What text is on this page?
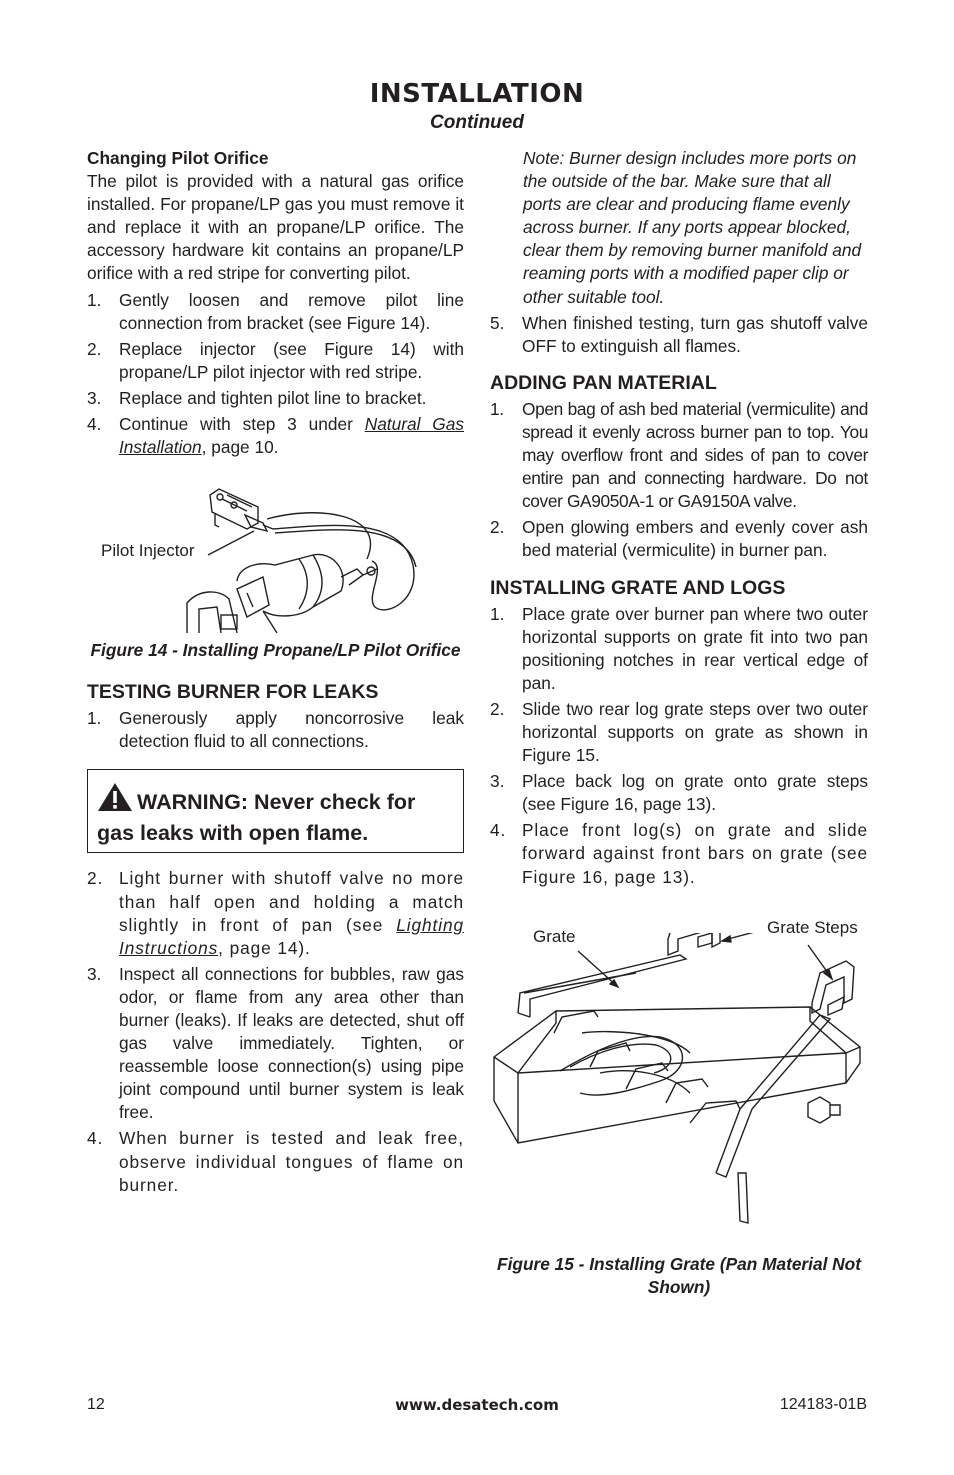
INSTALLATION
Continued
Changing Pilot Orifice

The pilot is provided with a natural gas orifice installed. For propane/LP gas you must remove it and replace it with an propane/LP orifice. The accessory hardware kit contains an propane/LP orifice with a red stripe for converting pilot.

1. Gently loosen and remove pilot line connection from bracket (see Figure 14).
2. Replace injector (see Figure 14) with propane/LP pilot injector with red stripe.
3. Replace and tighten pilot line to bracket.
4. Continue with step 3 under Natural Gas Installation, page 10.
Pilot Injector
Figure 14 - Installing Propane/LP Pilot Orifice
TESTING BURNER FOR LEAKS
1. Generously apply noncorrosive leak detection fluid to all connections.
WARNING: Never check for gas leaks with open flame.
2. Light burner with shutoff valve no more than half open and holding a match slightly in front of pan (see Lighting Instructions, page 14).
3. Inspect all connections for bubbles, raw gas odor, or flame from any area other than burner (leaks). If leaks are detected, shut off gas valve immediately. Tighten, or reassemble loose connection(s) using pipe joint compound until burner system is leak free.
4. When burner is tested and leak free, observe individual tongues of flame on burner.

Note: Burner design includes more ports on the outside of the bar. Make sure that all ports are clear and producing flame evenly across burner. If any ports appear blocked, clear them by removing burner manifold and reaming ports with a modified paper clip or other suitable tool.

5. When finished testing, turn gas shutoff valve OFF to extinguish all flames.
ADDING PAN MATERIAL
1. Open bag of ash bed material (vermiculite) and spread it evenly across burner pan to top. You may overflow front and sides of pan to cover entire pan and connecting hardware. Do not cover GA9050A-1 or GA9150A valve.
2. Open glowing embers and evenly cover ash bed material (vermiculite) in burner pan.
INSTALLING GRATE AND LOGS
1. Place grate over burner pan where two outer horizontal supports on grate fit into two pan positioning notches in rear vertical edge of pan.
2. Slide two rear log grate steps over two outer horizontal supports on grate as shown in Figure 15.
3. Place back log on grate onto grate steps (see Figure 16, page 13).
4. Place front log(s) on grate and slide forward against front bars on grate (see Figure 16, page 13).
Grate	Grate Steps
Figure 15 - Installing Grate (Pan Material Not Shown)
12	www.desatech.com	124183-01B
